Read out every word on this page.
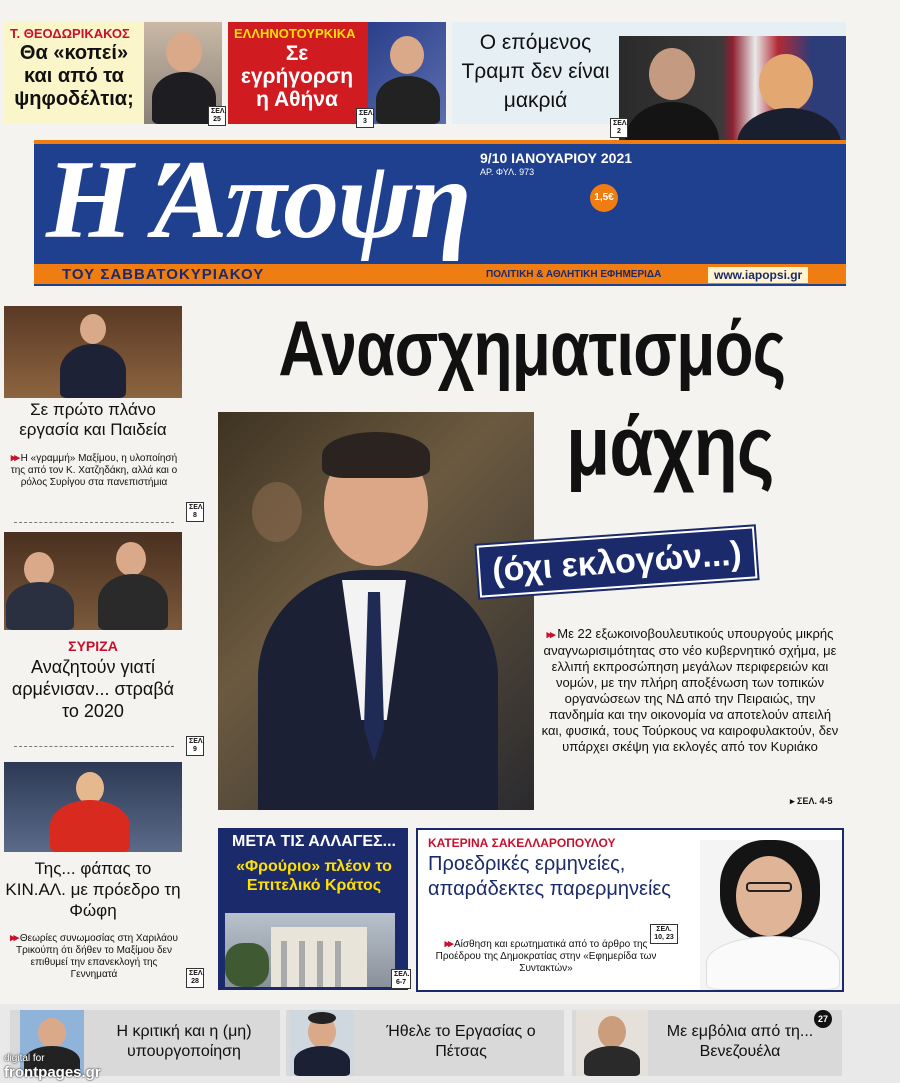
Τ. ΘΕΟΔΩΡΙΚΑΚΟΣ
Θα «κοπεί» και από τα ψηφοδέλτια;
ΣΕΛ. 25
ΕΛΛΗΝΟΤΟΥΡΚΙΚΑ
Σε εγρήγορση η Αθήνα
ΣΕΛ. 3
Ο επόμενος Τραμπ δεν είναι μακριά
ΣΕΛ. 2
Η Άποψη 9/10 ΙΑΝΟΥΑΡΙΟΥ 2021
ΑΡ. ΦΥΛ. 973
1,5€
ΤΟΥ ΣΑΒΒΑΤΟΚΥΡΙΑΚΟΥ	ΠΟΛΙΤΙΚΗ & ΑΘΛΗΤΙΚΗ ΕΦΗΜΕΡΙΔΑ	www.iapopsi.gr
Σε πρώτο πλάνο εργασία και Παιδεία
▸▸ Η «γραμμή» Μαξίμου, η υλοποίησή της από τον Κ. Χατζηδάκη, αλλά και ο ρόλος Συρίγου στα πανεπιστήμια
ΣΕΛ. 8
ΣΥΡΙΖΑ
Αναζητούν γιατί αρμένισαν... στραβά το 2020
ΣΕΛ. 9
Της... φάπας το ΚΙΝ.ΑΛ. με πρόεδρο τη Φώφη
▸▸ Θεωρίες συνωμοσίας στη Χαριλάου Τρικούπη ότι δήθεν το Μαξίμου δεν επιθυμεί την επανεκλογή της Γεννηματά	ΣΕΛ. 28
Ανασχηματισμός
μάχης
(όχι εκλογών...)
▸▸ Με 22 εξωκοινοβουλευτικούς υπουργούς μικρής αναγνωρισιμότητας στο νέο κυβερνητικό σχήμα, με ελλιπή εκπροσώπηση μεγάλων περιφερειών και νομών, με την πλήρη αποξένωση των τοπικών οργανώσεων της ΝΔ από την Πειραιώς, την πανδημία και την οικονομία να αποτελούν απειλή και, φυσικά, τους Τούρκους να καιροφυλακτούν, δεν υπάρχει σκέψη για εκλογές από τον Κυριάκο
▸ ΣΕΛ. 4-5
ΜΕΤΑ ΤΙΣ ΑΛΛΑΓΕΣ...
«Φρούριο» πλέον το Επιτελικό Κράτος
ΣΕΛ. 6-7
ΚΑΤΕΡΙΝΑ ΣΑΚΕΛΛΑΡΟΠΟΥΛΟΥ
Προεδρικές ερμηνείες, απαράδεκτες παρερμηνείες
▸▸ Αίσθηση και ερωτηματικά από το άρθρο της Προέδρου της Δημοκρατίας στην «Εφημερίδα των Συντακτών»
ΣΕΛ. 10, 23
Η κριτική και η (μη) υπουργοποίηση
Ήθελε το Εργασίας ο Πέτσας
Με εμβόλια από τη... Βενεζουέλα
27
digital for
frontpages.gr
